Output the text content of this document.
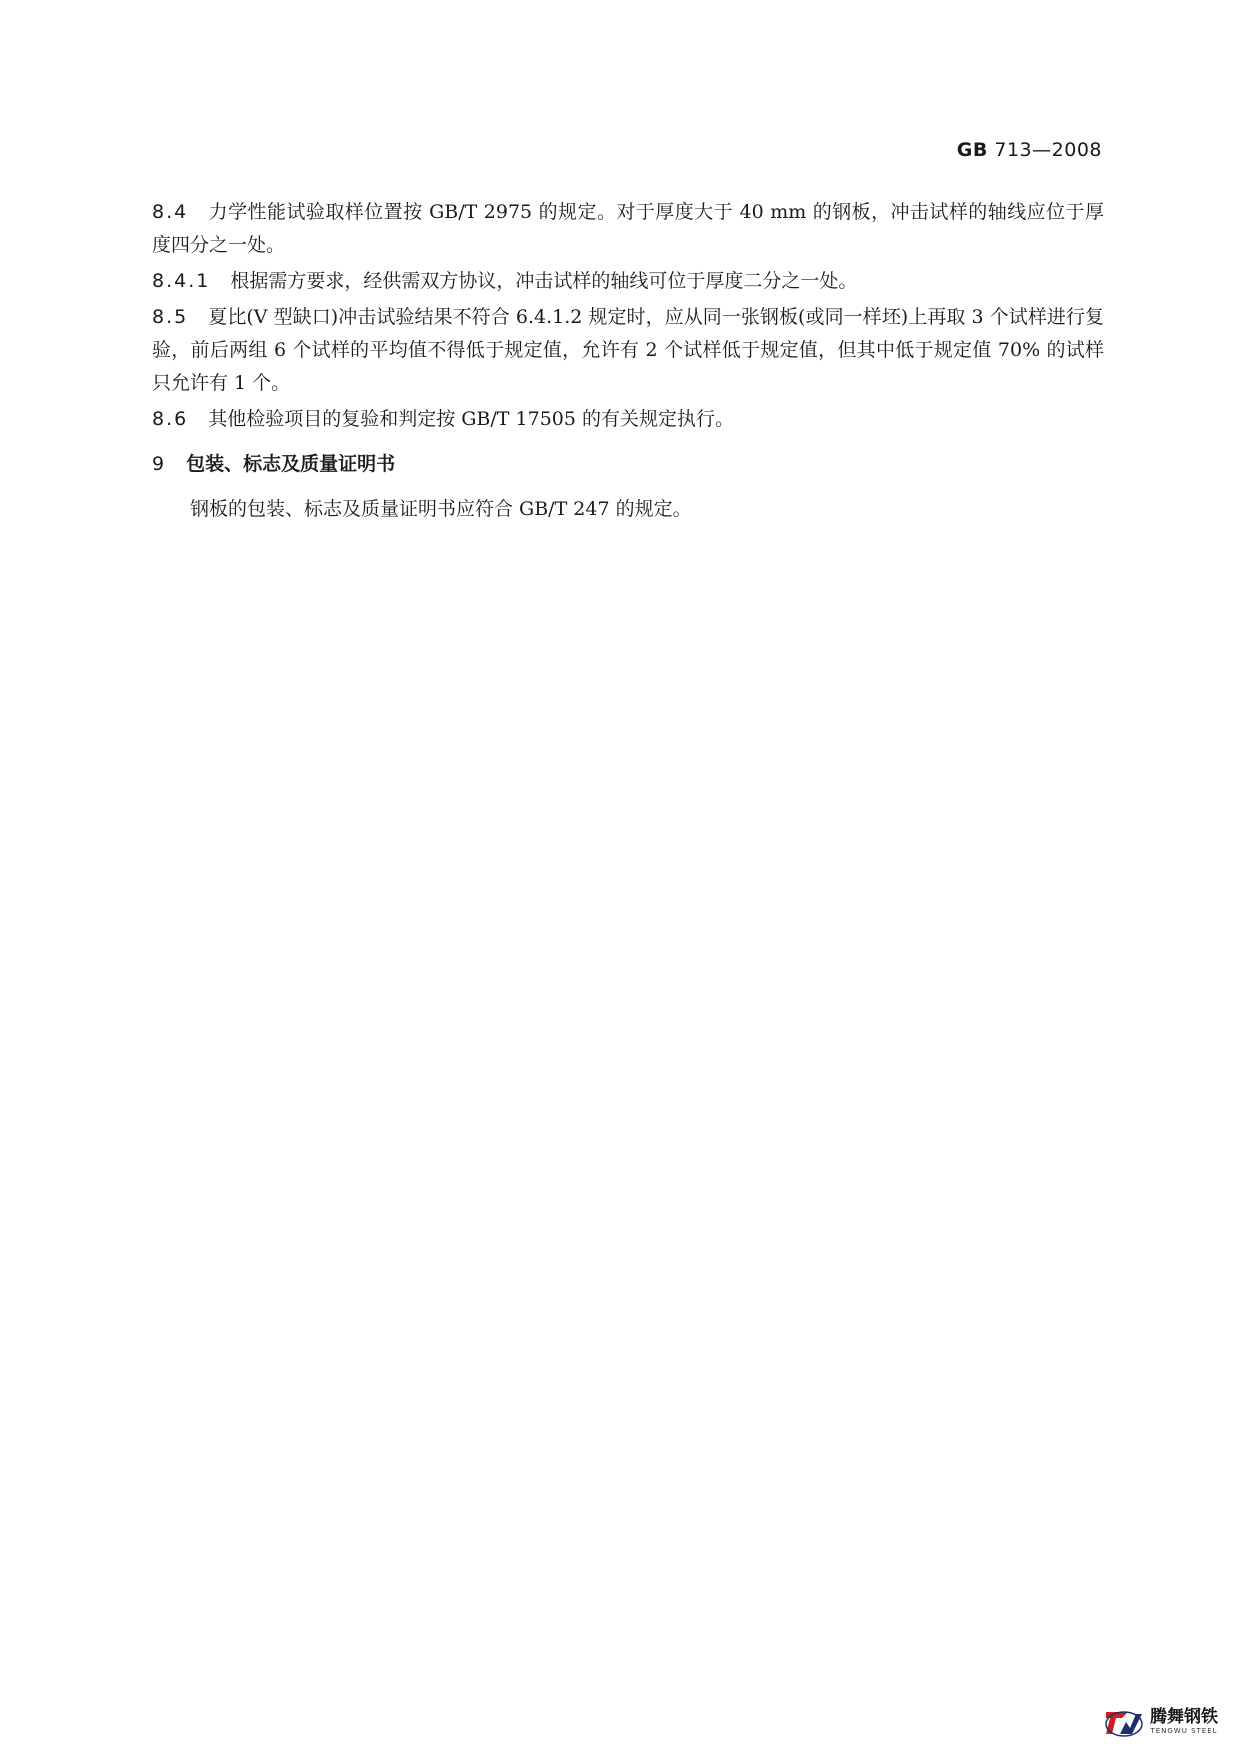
GB 713—2008

8.4 力学性能试验取样位置按 GB/T 2975 的规定。对于厚度大于 40 mm 的钢板，冲击试样的轴线应位于厚度四分之一处。

8.4.1 根据需方要求，经供需双方协议，冲击试样的轴线可位于厚度二分之一处。

8.5 夏比(V 型缺口)冲击试验结果不符合 6.4.1.2 规定时，应从同一张钢板(或同一样坯)上再取 3 个试样进行复验，前后两组 6 个试样的平均值不得低于规定值，允许有 2 个试样低于规定值，但其中低于规定值 70% 的试样只允许有 1 个。

8.6 其他检验项目的复验和判定按 GB/T 17505 的有关规定执行。

9 包装、标志及质量证明书

钢板的包装、标志及质量证明书应符合 GB/T 247 的规定。

腾舞钢铁
TENGWU STEEL
